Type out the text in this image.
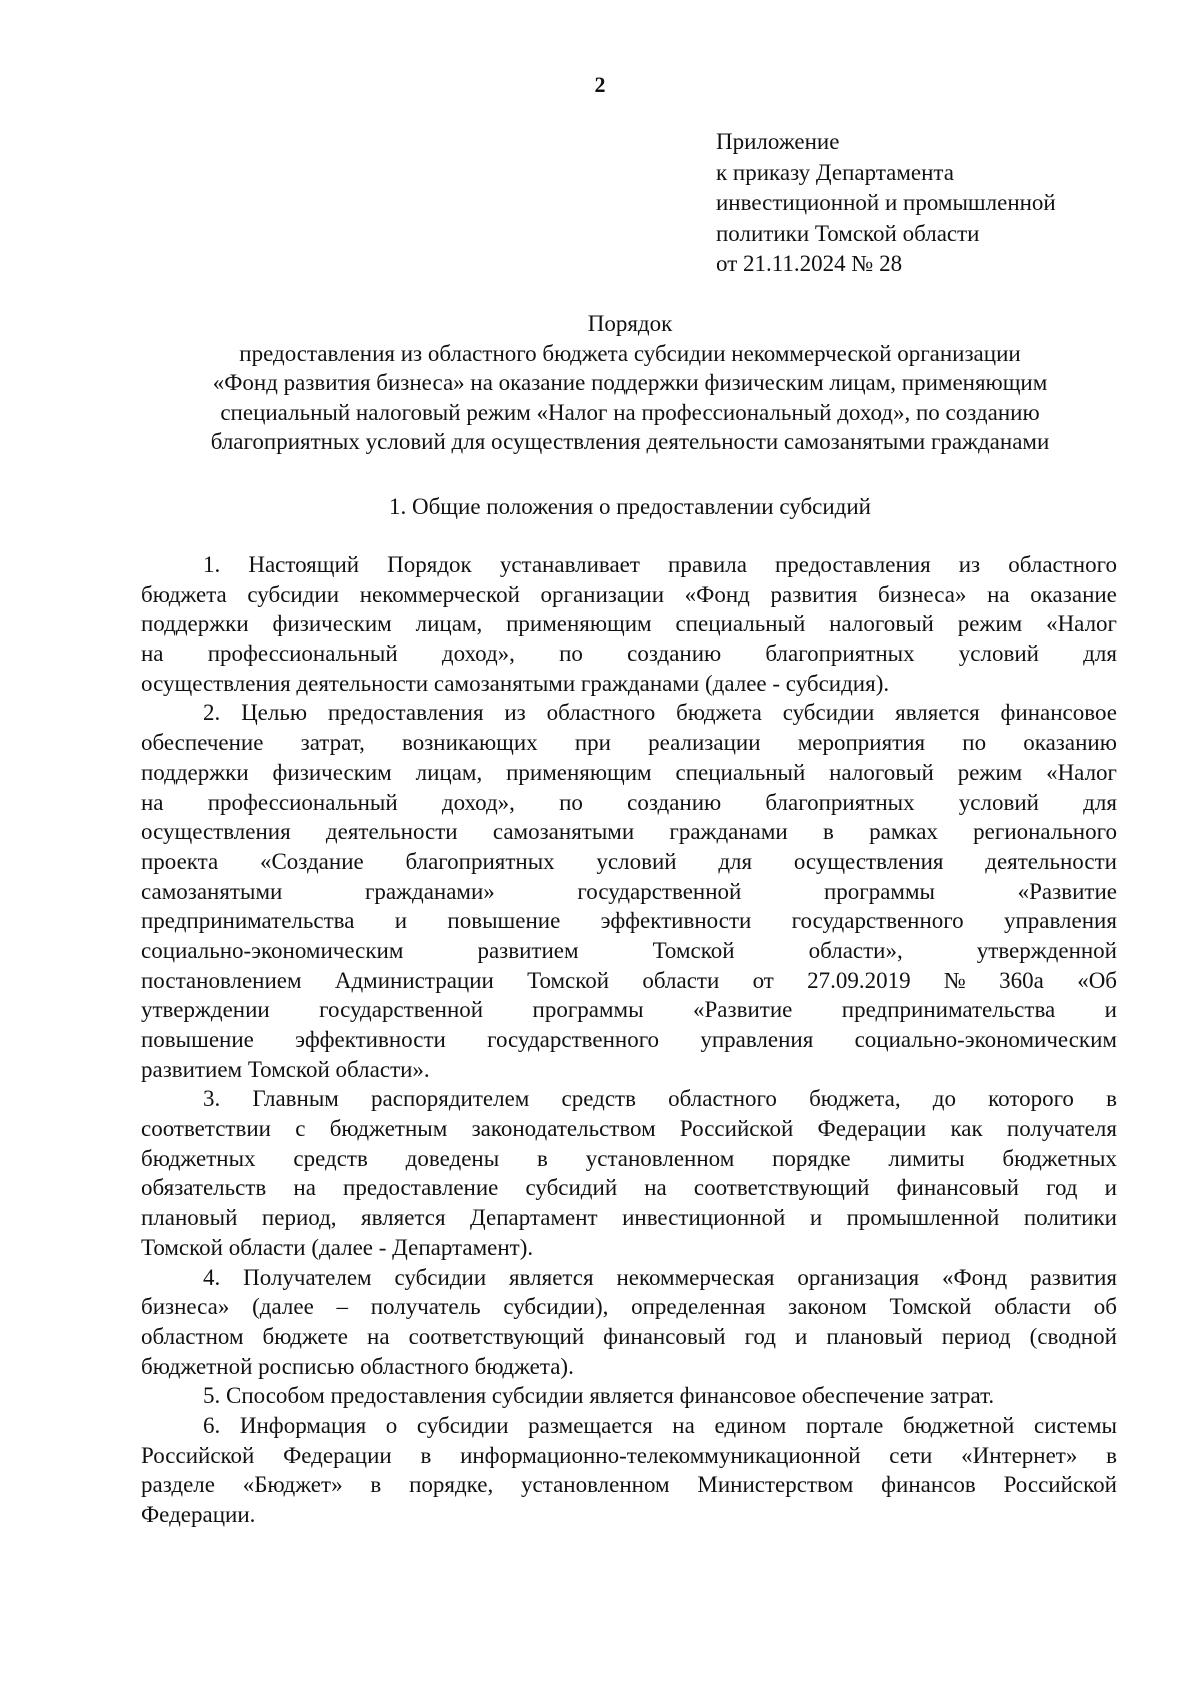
2
Приложение
к приказу Департамента
инвестиционной и промышленной
политики Томской области
от 21.11.2024 № 28
Порядок
предоставления из областного бюджета субсидии некоммерческой организации
«Фонд развития бизнеса» на оказание поддержки физическим лицам, применяющим
специальный налоговый режим «Налог на профессиональный доход», по созданию
благоприятных условий для осуществления деятельности самозанятыми гражданами
1. Общие положения о предоставлении субсидий
1. Настоящий Порядок устанавливает правила предоставления из областного
бюджета субсидии некоммерческой организации «Фонд развития бизнеса» на оказание
поддержки физическим лицам, применяющим специальный налоговый режим «Налог
на профессиональный доход», по созданию благоприятных условий для
осуществления деятельности самозанятыми гражданами (далее - субсидия).
2. Целью предоставления из областного бюджета субсидии является финансовое
обеспечение затрат, возникающих при реализации мероприятия по оказанию
поддержки физическим лицам, применяющим специальный налоговый режим «Налог
на профессиональный доход», по созданию благоприятных условий для
осуществления деятельности самозанятыми гражданами в рамках регионального
проекта «Создание благоприятных условий для осуществления деятельности
самозанятыми	гражданами»	государственной	программы	«Развитие
предпринимательства и повышение эффективности государственного управления
социально-экономическим	развитием	Томской	области»,	утвержденной
постановлением Администрации Томской области от 27.09.2019 № 360а «Об
утверждении государственной программы «Развитие предпринимательства и
повышение эффективности государственного управления социально-экономическим
развитием Томской области».
3. Главным распорядителем средств областного бюджета, до которого в
соответствии с бюджетным законодательством Российской Федерации как получателя
бюджетных средств доведены в установленном порядке лимиты бюджетных
обязательств на предоставление субсидий на соответствующий финансовый год и
плановый период, является Департамент инвестиционной и промышленной политики
Томской области (далее - Департамент).
4. Получателем субсидии является некоммерческая организация «Фонд развития
бизнеса» (далее – получатель субсидии), определенная законом Томской области об
областном бюджете на соответствующий финансовый год и плановый период (сводной
бюджетной росписью областного бюджета).
5. Способом предоставления субсидии является финансовое обеспечение затрат.
6. Информация о субсидии размещается на едином портале бюджетной системы
Российской Федерации в информационно-телекоммуникационной сети «Интернет» в
разделе «Бюджет» в порядке, установленном Министерством финансов Российской
Федерации.
